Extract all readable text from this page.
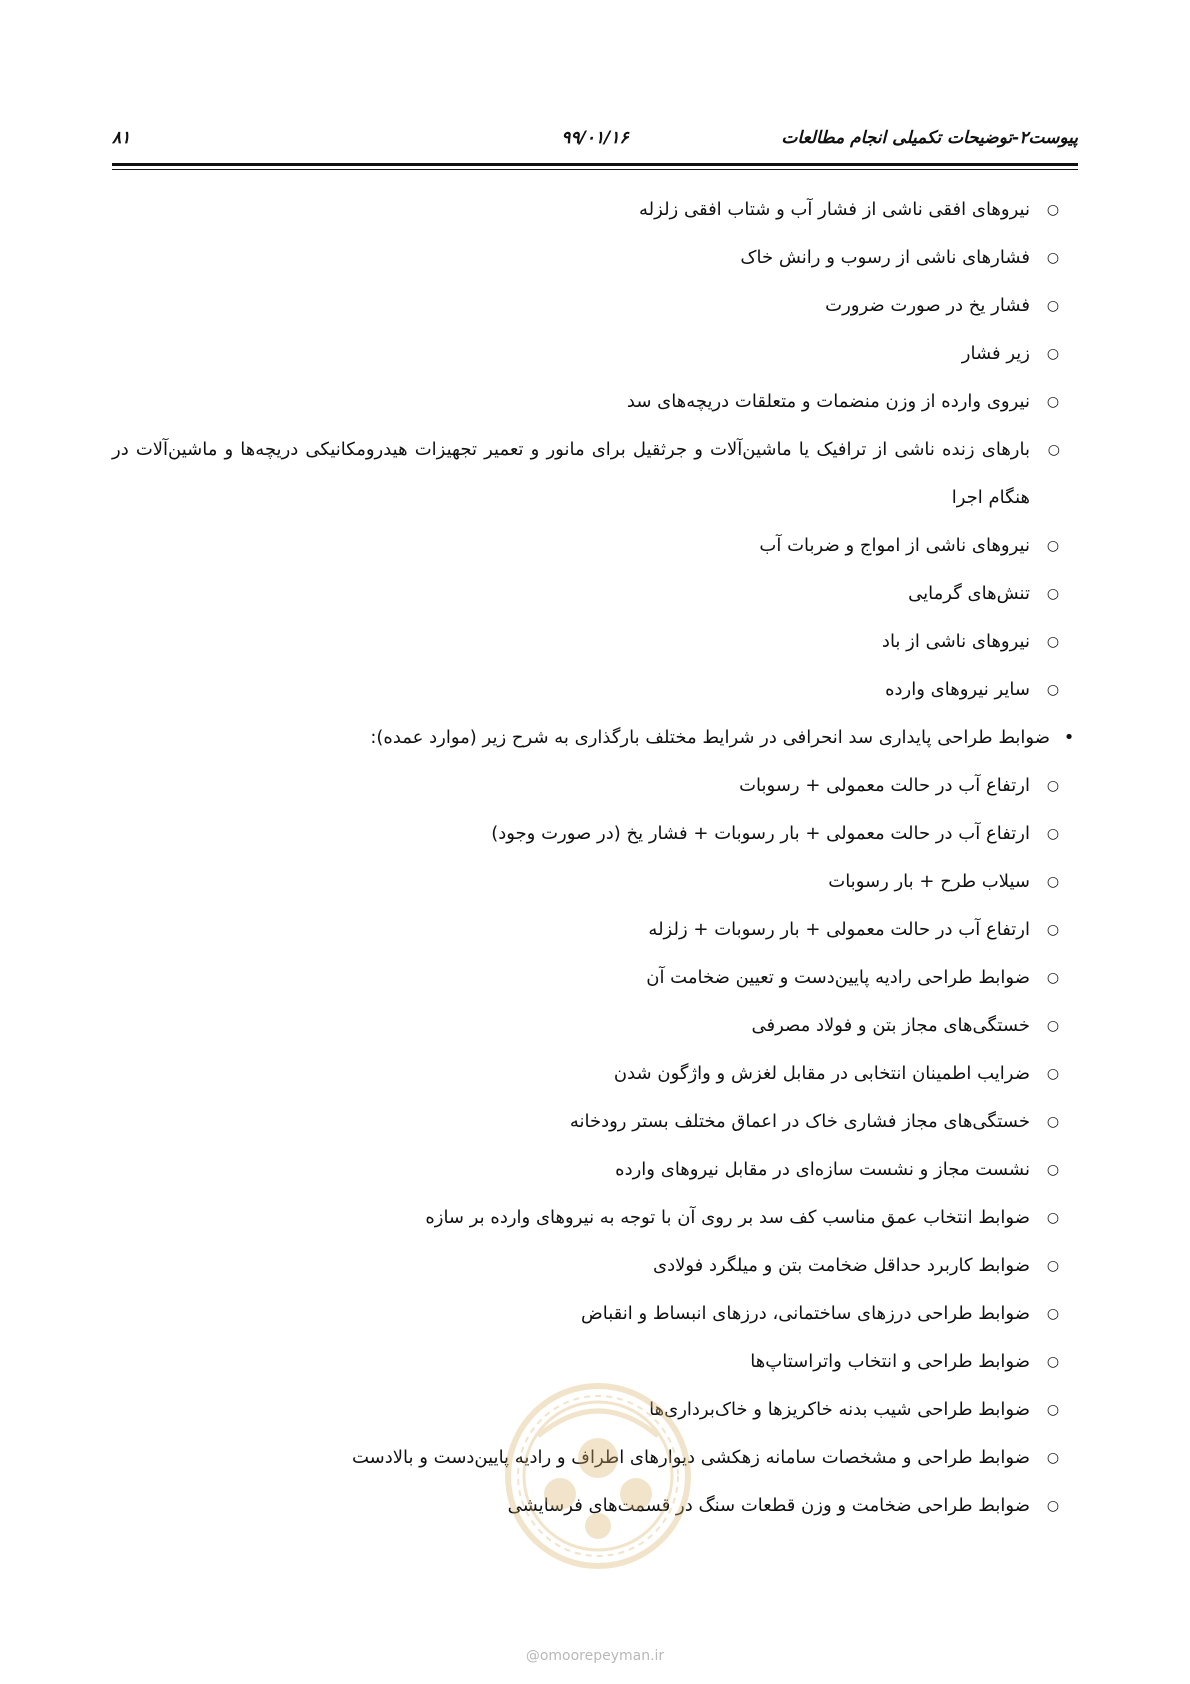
پیوست۲-توضیحات تکمیلی انجام مطالعات
۹۹/۰۱/۱۶
۸۱
○
نیروهای افقی ناشی از فشار آب و شتاب افقی زلزله
○
فشارهای ناشی از رسوب و رانش خاک
○
فشار یخ در صورت ضرورت
○
زیر فشار
○
نیروی وارده از وزن منضمات و متعلقات دریچه‌های سد
○
بارهای زنده ناشی از ترافیک یا ماشین‌آلات و جرثقیل برای مانور و تعمیر تجهیزات هیدرومکانیکی دریچه‌ها و ماشین‌آلات در هنگام اجرا
○
نیروهای ناشی از امواج و ضربات آب
○
تنش‌های گرمایی
○
نیروهای ناشی از باد
○
سایر نیروهای وارده
•
ضوابط طراحی پایداری سد انحرافی در شرایط مختلف بارگذاری به شرح زیر (موارد عمده):
○
ارتفاع آب در حالت معمولی + رسوبات
○
ارتفاع آب در حالت معمولی + بار رسوبات + فشار یخ (در صورت وجود)
○
سیلاب طرح + بار رسوبات
○
ارتفاع آب در حالت معمولی + بار رسوبات + زلزله
○
ضوابط طراحی رادیه پایین‌دست و تعیین ضخامت آن
○
خستگی‌های مجاز بتن و فولاد مصرفی
○
ضرایب اطمینان انتخابی در مقابل لغزش و واژگون شدن
○
خستگی‌های مجاز فشاری خاک در اعماق مختلف بستر رودخانه
○
نشست مجاز و نشست سازه‌ای در مقابل نیروهای وارده
○
ضوابط انتخاب عمق مناسب کف سد بر روی آن با توجه به نیروهای وارده بر سازه
○
ضوابط کاربرد حداقل ضخامت بتن و میلگرد فولادی
○
ضوابط طراحی درزهای ساختمانی، درزهای انبساط و انقباض
○
ضوابط طراحی و انتخاب واتراستاپ‌ها
○
ضوابط طراحی شیب بدنه خاکریزها و خاک‌برداری‌ها
○
ضوابط طراحی و مشخصات سامانه زهکشی دیوارهای اطراف و رادیه پایین‌دست و بالادست
○
ضوابط طراحی ضخامت و وزن قطعات سنگ در قسمت‌های فرسایشی
@omoorepeyman.ir
